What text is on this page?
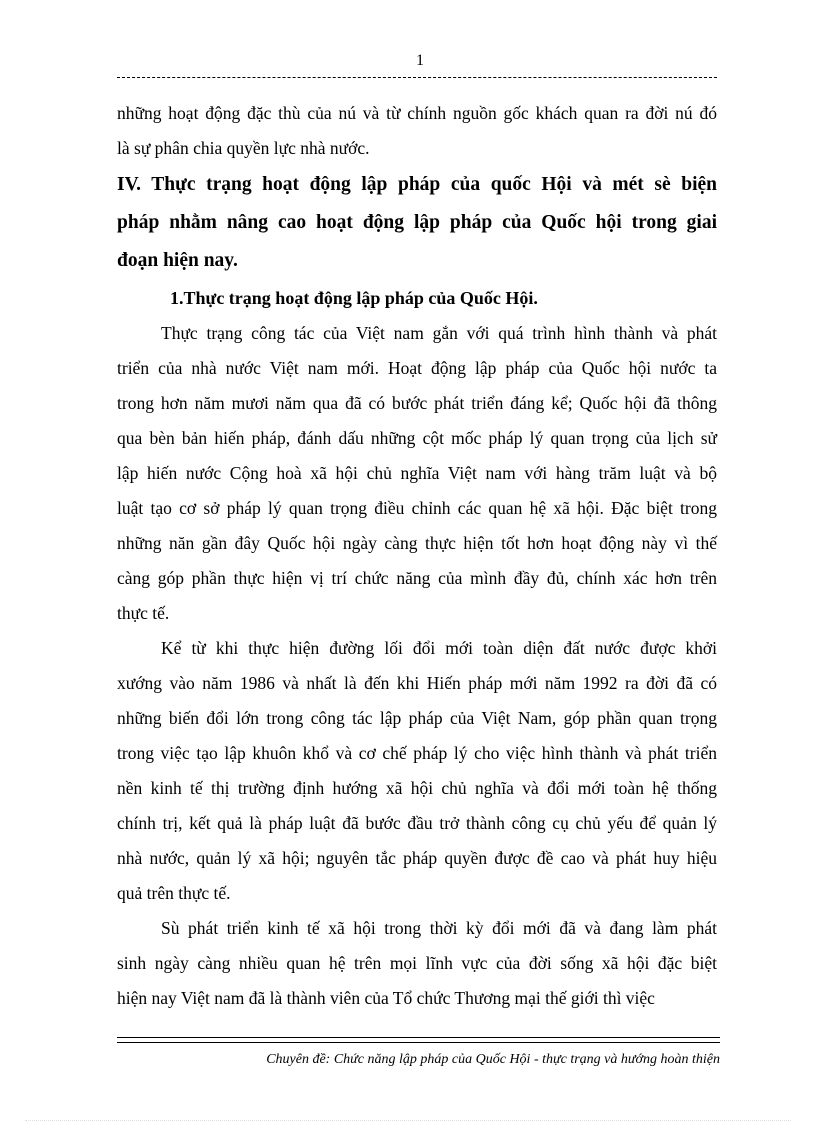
1
những hoạt động đặc thù của nú và từ chính nguồn gốc khách quan ra đời nú đó
là sự phân chia quyền lực nhà nước.
IV. Thực trạng hoạt động lập pháp của quốc Hội và mét sè biện
pháp nhằm nâng cao hoạt động lập pháp của Quốc hội trong giai
đoạn hiện nay.
1.Thực trạng hoạt động lập pháp của Quốc Hội.
Thực trạng công tác của Việt nam gắn với quá trình hình thành và phát
triển của nhà nước Việt nam mới. Hoạt động lập pháp của Quốc hội nước ta
trong hơn năm mươi năm qua đã có bước phát triển đáng kể; Quốc hội đã thông
qua bèn bản hiến pháp, đánh dấu những cột mốc pháp lý quan trọng của lịch sử
lập hiến nước Cộng hoà xã hội chủ nghĩa Việt nam với hàng trăm luật và bộ
luật tạo cơ sở pháp lý quan trọng điều chỉnh các quan hệ xã hội. Đặc biệt trong
những năn gần đây Quốc hội ngày càng thực hiện tốt hơn hoạt động này vì thế
càng góp phần thực hiện vị trí chức năng của mình đầy đủ, chính xác hơn trên
thực tế.
Kể từ khi thực hiện đường lối đổi mới toàn diện đất nước được khởi
xướng vào năm 1986 và nhất là đến khi Hiến pháp mới năm 1992 ra đời đã có
những biến đổi lớn trong công tác lập pháp của Việt Nam, góp phần quan trọng
trong việc tạo lập khuôn khổ và cơ chế pháp lý cho việc hình thành và phát triển
nền kinh tế thị trường định hướng xã hội chủ nghĩa và đổi mới toàn hệ thống
chính trị, kết quả là pháp luật đã bước đầu trở thành công cụ chủ yếu để quản lý
nhà nước, quản lý xã hội; nguyên tắc pháp quyền được đề cao và phát huy hiệu
quả trên thực tế.
Sù phát triển kinh tế xã hội trong thời kỳ đổi mới đã và đang làm phát
sinh ngày càng nhiều quan hệ trên mọi lĩnh vực của đời sống xã hội đặc biệt
hiện nay Việt nam đã là thành viên của Tổ chức Thương mại thế giới thì việc
Chuyên đề: Chức năng lập pháp của Quốc Hội - thực trạng và hướng hoàn thiện
